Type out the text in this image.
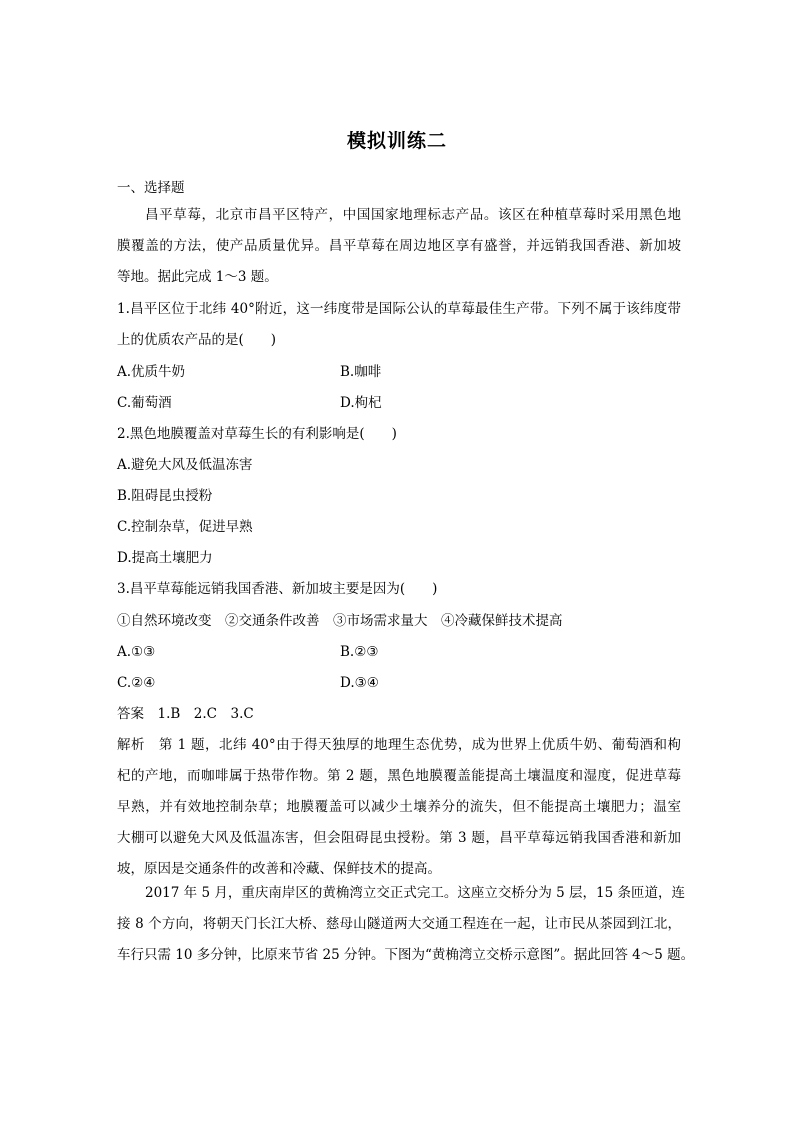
模拟训练二
一、选择题
昌平草莓，北京市昌平区特产，中国国家地理标志产品。该区在种植草莓时采用黑色地
膜覆盖的方法，使产品质量优异。昌平草莓在周边地区享有盛誉，并远销我国香港、新加坡
等地。据此完成 1～3 题。
1.昌平区位于北纬 40°附近，这一纬度带是国际公认的草莓最佳生产带。下列不属于该纬度带
上的优质农产品的是(　　)
A.优质牛奶	B.咖啡
C.葡萄酒	D.枸杞
2.黑色地膜覆盖对草莓生长的有利影响是(　　)
A.避免大风及低温冻害
B.阻碍昆虫授粉
C.控制杂草，促进早熟
D.提高土壤肥力
3.昌平草莓能远销我国香港、新加坡主要是因为(　　)
①自然环境改变　②交通条件改善　③市场需求量大　④冷藏保鲜技术提高
A.①③	B.②③
C.②④	D.③④
答案　1.B　2.C　3.C
解析　第 1 题，北纬 40°由于得天独厚的地理生态优势，成为世界上优质牛奶、葡萄酒和枸
杞的产地，而咖啡属于热带作物。第 2 题，黑色地膜覆盖能提高土壤温度和湿度，促进草莓
早熟，并有效地控制杂草；地膜覆盖可以减少土壤养分的流失，但不能提高土壤肥力；温室
大棚可以避免大风及低温冻害，但会阻碍昆虫授粉。第 3 题，昌平草莓远销我国香港和新加
坡，原因是交通条件的改善和冷藏、保鲜技术的提高。
2017 年 5 月，重庆南岸区的黄桷湾立交正式完工。这座立交桥分为 5 层，15 条匝道，连
接 8 个方向，将朝天门长江大桥、慈母山隧道两大交通工程连在一起，让市民从茶园到江北，
车行只需 10 多分钟，比原来节省 25 分钟。下图为“黄桷湾立交桥示意图”。据此回答 4～5 题。
